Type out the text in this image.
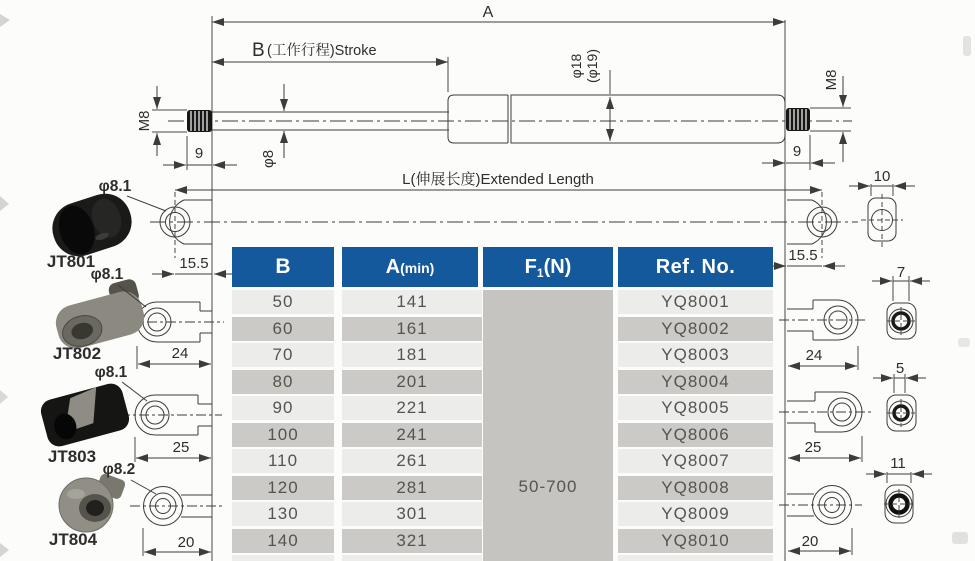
A
B (工作行程)Stroke
L(伸展长度)Extended Length
M8
9	φ8
φ18 (φ19)	M8
9
15.5
24
25
20
JT801
JT802
JT803
JT804
φ8.1
φ8.1
φ8.1
φ8.2
15.5
24
25
20
10
7
5
11
B	A(min)	$F_1(N)$	Ref. No.
50-700
50	141	YQ8001
60	161	YQ8002
70	181	YQ8003
80	201	YQ8004
90	221	YQ8005
100	241	YQ8006
110	261	YQ8007
120	281	YQ8008
130	301	YQ8009
140	321	YQ8010
